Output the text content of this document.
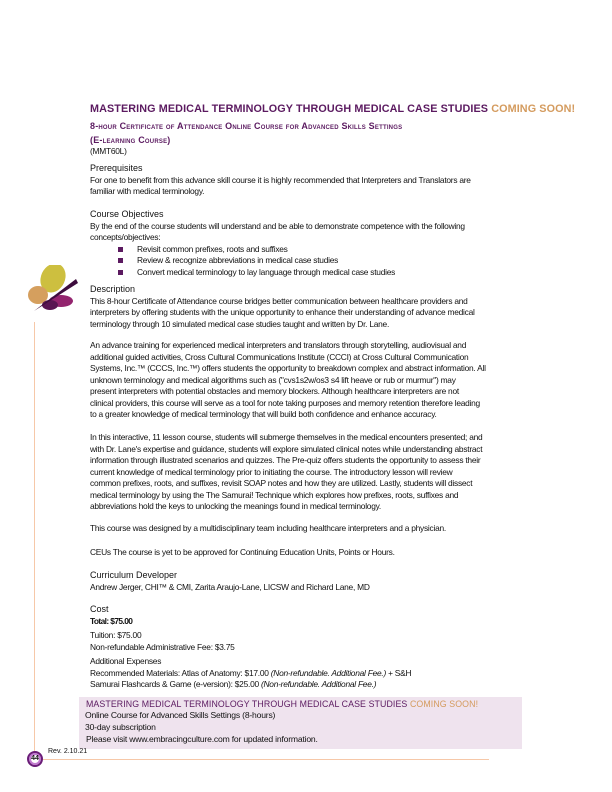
MASTERING MEDICAL TERMINOLOGY THROUGH MEDICAL CASE STUDIES COMING SOON!
8-hour Certificate of Attendance Online Course for Advanced Skills Settings
(E-learning Course)
(MMT60L)
Prerequisites
For one to benefit from this advance skill course it is highly recommended that Interpreters and Translators are
familiar with medical terminology.
Course Objectives
By the end of the course students will understand and be able to demonstrate competence with the following
concepts/objectives:
Revisit common prefixes, roots and suffixes
Review & recognize abbreviations in medical case studies
Convert medical terminology to lay language through medical case studies
Description
This 8-hour Certificate of Attendance course bridges better communication between healthcare providers and
interpreters by offering students with the unique opportunity to enhance their understanding of advance medical
terminology through 10 simulated medical case studies taught and written by Dr. Lane.
An advance training for experienced medical interpreters and translators through storytelling, audiovisual and
additional guided activities, Cross Cultural Communications Institute (CCCI) at Cross Cultural Communication
Systems, Inc.™ (CCCS, Inc.™) offers students the opportunity to breakdown complex and abstract information. All
unknown terminology and medical algorithms such as ("cvs1s2w/os3 s4 lift heave or rub or murmur") may
present interpreters with potential obstacles and memory blockers. Although healthcare interpreters are not
clinical providers, this course will serve as a tool for note taking purposes and memory retention therefore leading
to a greater knowledge of medical terminology that will build both confidence and enhance accuracy.
In this interactive, 11 lesson course, students will submerge themselves in the medical encounters presented; and
with Dr. Lane's expertise and guidance, students will explore simulated clinical notes while understanding abstract
information through illustrated scenarios and quizzes. The Pre-quiz offers students the opportunity to assess their
current knowledge of medical terminology prior to initiating the course. The introductory lesson will review
common prefixes, roots, and suffixes, revisit SOAP notes and how they are utilized. Lastly, students will dissect
medical terminology by using the The Samurai! Technique which explores how prefixes, roots, suffixes and
abbreviations hold the keys to unlocking the meanings found in medical terminology.
This course was designed by a multidisciplinary team including healthcare interpreters and a physician.
CEUs The course is yet to be approved for Continuing Education Units, Points or Hours.
Curriculum Developer
Andrew Jerger, CHI™ & CMI, Zarita Araujo-Lane, LICSW and Richard Lane, MD
Cost
Total: $75.00
Tuition: $75.00
Non-refundable Administrative Fee: $3.75
Additional Expenses
Recommended Materials: Atlas of Anatomy: $17.00 (Non-refundable. Additional Fee.) + S&H
Samurai Flashcards & Game (e-version): $25.00 (Non-refundable. Additional Fee.)
MASTERING MEDICAL TERMINOLOGY THROUGH MEDICAL CASE STUDIES COMING SOON!
Online Course for Advanced Skills Settings (8-hours)
30-day subscription
Please visit www.embracingculture.com for updated information.
44
Rev. 2.10.21
